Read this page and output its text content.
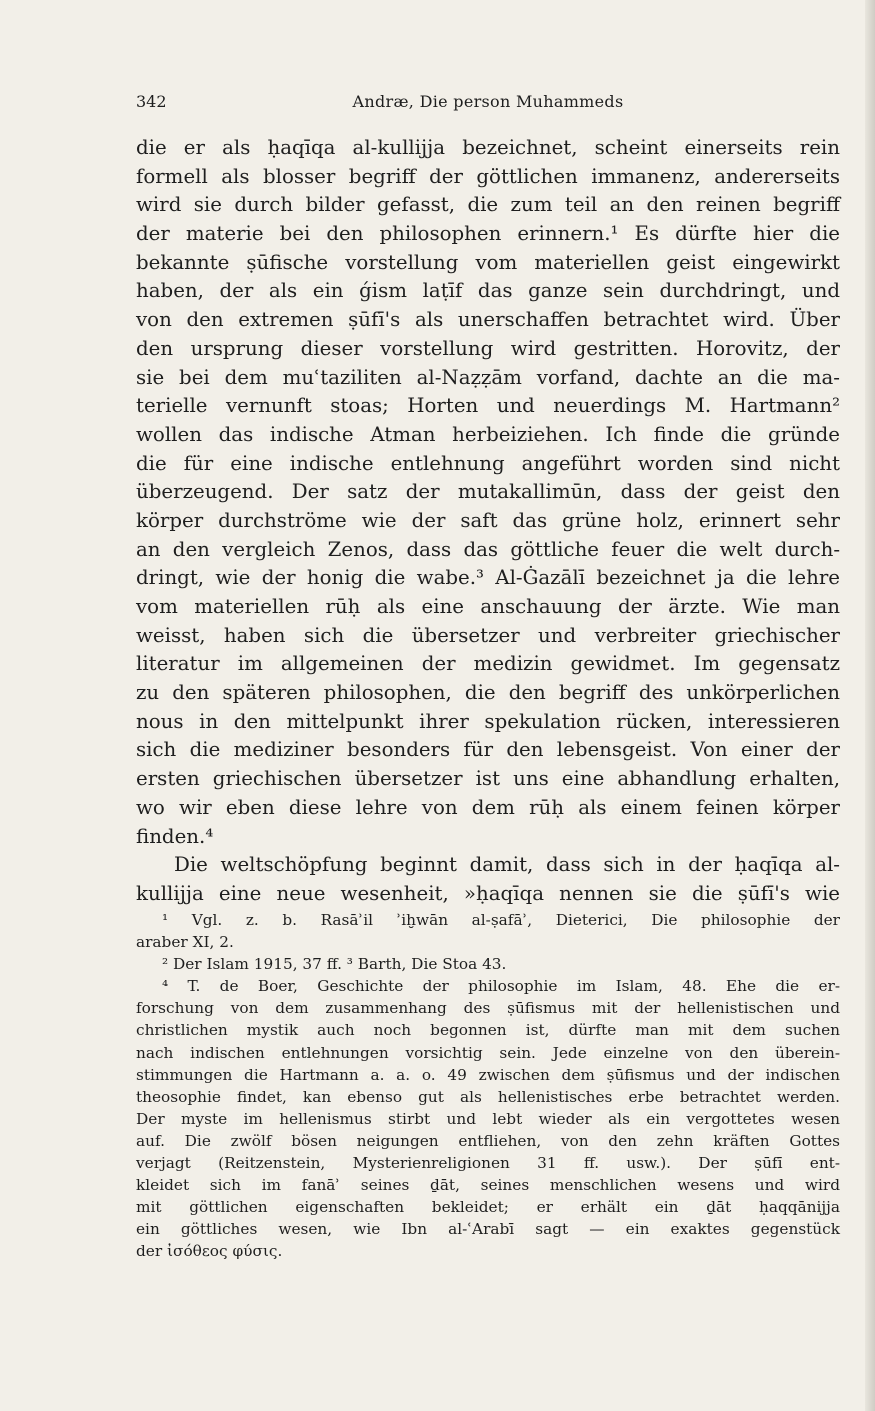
342	Andræ, Die person Muhammeds
die er als ḥaqīqa al-kullijja bezeichnet, scheint einerseits rein
formell als blosser begriff der göttlichen immanenz, andererseits
wird sie durch bilder gefasst, die zum teil an den reinen begriff
der materie bei den philosophen erinnern.¹ Es dürfte hier die
bekannte ṣūfische vorstellung vom materiellen geist eingewirkt
haben, der als ein ǵism laṭīf das ganze sein durchdringt, und
von den extremen ṣūfī's als unerschaffen betrachtet wird. Über
den ursprung dieser vorstellung wird gestritten. Horovitz, der
sie bei dem muʿtaziliten al-Naẓẓām vorfand, dachte an die ma-
terielle vernunft stoas; Horten und neuerdings M. Hartmann²
wollen das indische Atman herbeiziehen. Ich finde die gründe
die für eine indische entlehnung angeführt worden sind nicht
überzeugend. Der satz der mutakallimūn, dass der geist den
körper durchströme wie der saft das grüne holz, erinnert sehr
an den vergleich Zenos, dass das göttliche feuer die welt durch-
dringt, wie der honig die wabe.³ Al-Ġazālī bezeichnet ja die lehre
vom materiellen rūḥ als eine anschauung der ärzte. Wie man
weisst, haben sich die übersetzer und verbreiter griechischer
literatur im allgemeinen der medizin gewidmet. Im gegensatz
zu den späteren philosophen, die den begriff des unkörperlichen
nous in den mittelpunkt ihrer spekulation rücken, interessieren
sich die mediziner besonders für den lebensgeist. Von einer der
ersten griechischen übersetzer ist uns eine abhandlung erhalten,
wo wir eben diese lehre von dem rūḥ als einem feinen körper
finden.⁴
Die weltschöpfung beginnt damit, dass sich in der ḥaqīqa al-
kullijja eine neue wesenheit, »ḥaqīqa nennen sie die ṣūfī's wie
¹ Vgl. z. b. Rasāʾil ʾiḫwān al-ṣafāʾ, Dieterici, Die philosophie der
araber XI, 2.
² Der Islam 1915, 37 ff. ³ Barth, Die Stoa 43.
⁴ T. de Boer, Geschichte der philosophie im Islam, 48. Ehe die er-
forschung von dem zusammenhang des ṣūfismus mit der hellenistischen und
christlichen mystik auch noch begonnen ist, dürfte man mit dem suchen
nach indischen entlehnungen vorsichtig sein. Jede einzelne von den überein-
stimmungen die Hartmann a. a. o. 49 zwischen dem ṣūfismus und der indischen
theosophie findet, kan ebenso gut als hellenistisches erbe betrachtet werden.
Der myste im hellenismus stirbt und lebt wieder als ein vergottetes wesen
auf. Die zwölf bösen neigungen entfliehen, von den zehn kräften Gottes
verjagt (Reitzenstein, Mysterienreligionen 31 ff. usw.). Der ṣūfī ent-
kleidet sich im fanāʾ seines ḏāt, seines menschlichen wesens und wird
mit göttlichen eigenschaften bekleidet; er erhält ein ḏāt ḥaqqānijja
ein göttliches wesen, wie Ibn al-ʿArabī sagt — ein exaktes gegenstück
der ἰσόθεος φύσις.
